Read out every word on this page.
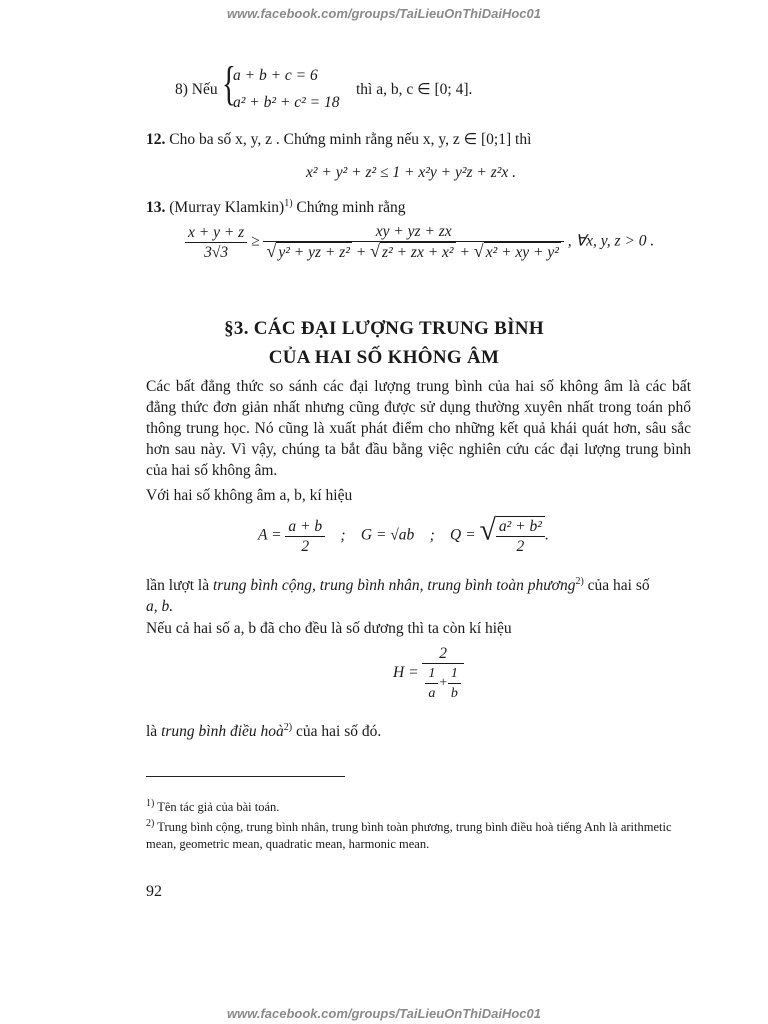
www.facebook.com/groups/TaiLieuOnThiDaiHoc01
8) Nếu {
a + b + c = 6
a² + b² + c² = 18
thì a, b, c ∈ [0; 4].
12. Cho ba số x, y, z . Chứng minh rằng nếu x, y, z ∈ [0;1] thì
x² + y² + z² ≤ 1 + x²y + y²z + z²x .
13. (Murray Klamkin)$^{1)}$ Chứng minh rằng
$\frac{x + y + z}{3√3}$ ≥
xy + yz + zx
√ y² + yz + z² + √ z² + zx + x² + √ x² + xy + y²
, ∀x, y, z > 0 .
§3. CÁC ĐẠI LƯỢNG TRUNG BÌNH
CỦA HAI SỐ KHÔNG ÂM
Các bất đẳng thức so sánh các đại lượng trung bình của hai số không âm là các bất đẳng thức đơn giản nhất nhưng cũng được sử dụng thường xuyên nhất trong toán phổ thông trung học. Nó cũng là xuất phát điểm cho những kết quả khái quát hơn, sâu sắc hơn sau này. Vì vậy, chúng ta bắt đầu bằng việc nghiên cứu các đại lượng trung bình của hai số không âm.
Với hai số không âm a, b, kí hiệu
$A = \frac{a + b}{2}$ ; G = √ab ; Q = √ $\frac{\text{a² + b²}}{2}$ .
lần lượt là trung bình cộng, trung bình nhân, trung bình toàn phương$^{2)}$ của hai số
a, b.
Nếu cả hai số a, b đã cho đều là số dương thì ta còn kí hiệu
$H = \frac{2}{\frac{1}{a} + \frac{1}{b}}$
là trung bình điều hoà$^{2)}$ của hai số đó.
$^{1)}$ Tên tác giả của bài toán.
$^{2)}$ Trung bình cộng, trung bình nhân, trung bình toàn phương, trung bình điều hoà tiếng Anh là arithmetic mean, geometric mean, quadratic mean, harmonic mean.
92
www.facebook.com/groups/TaiLieuOnThiDaiHoc01
